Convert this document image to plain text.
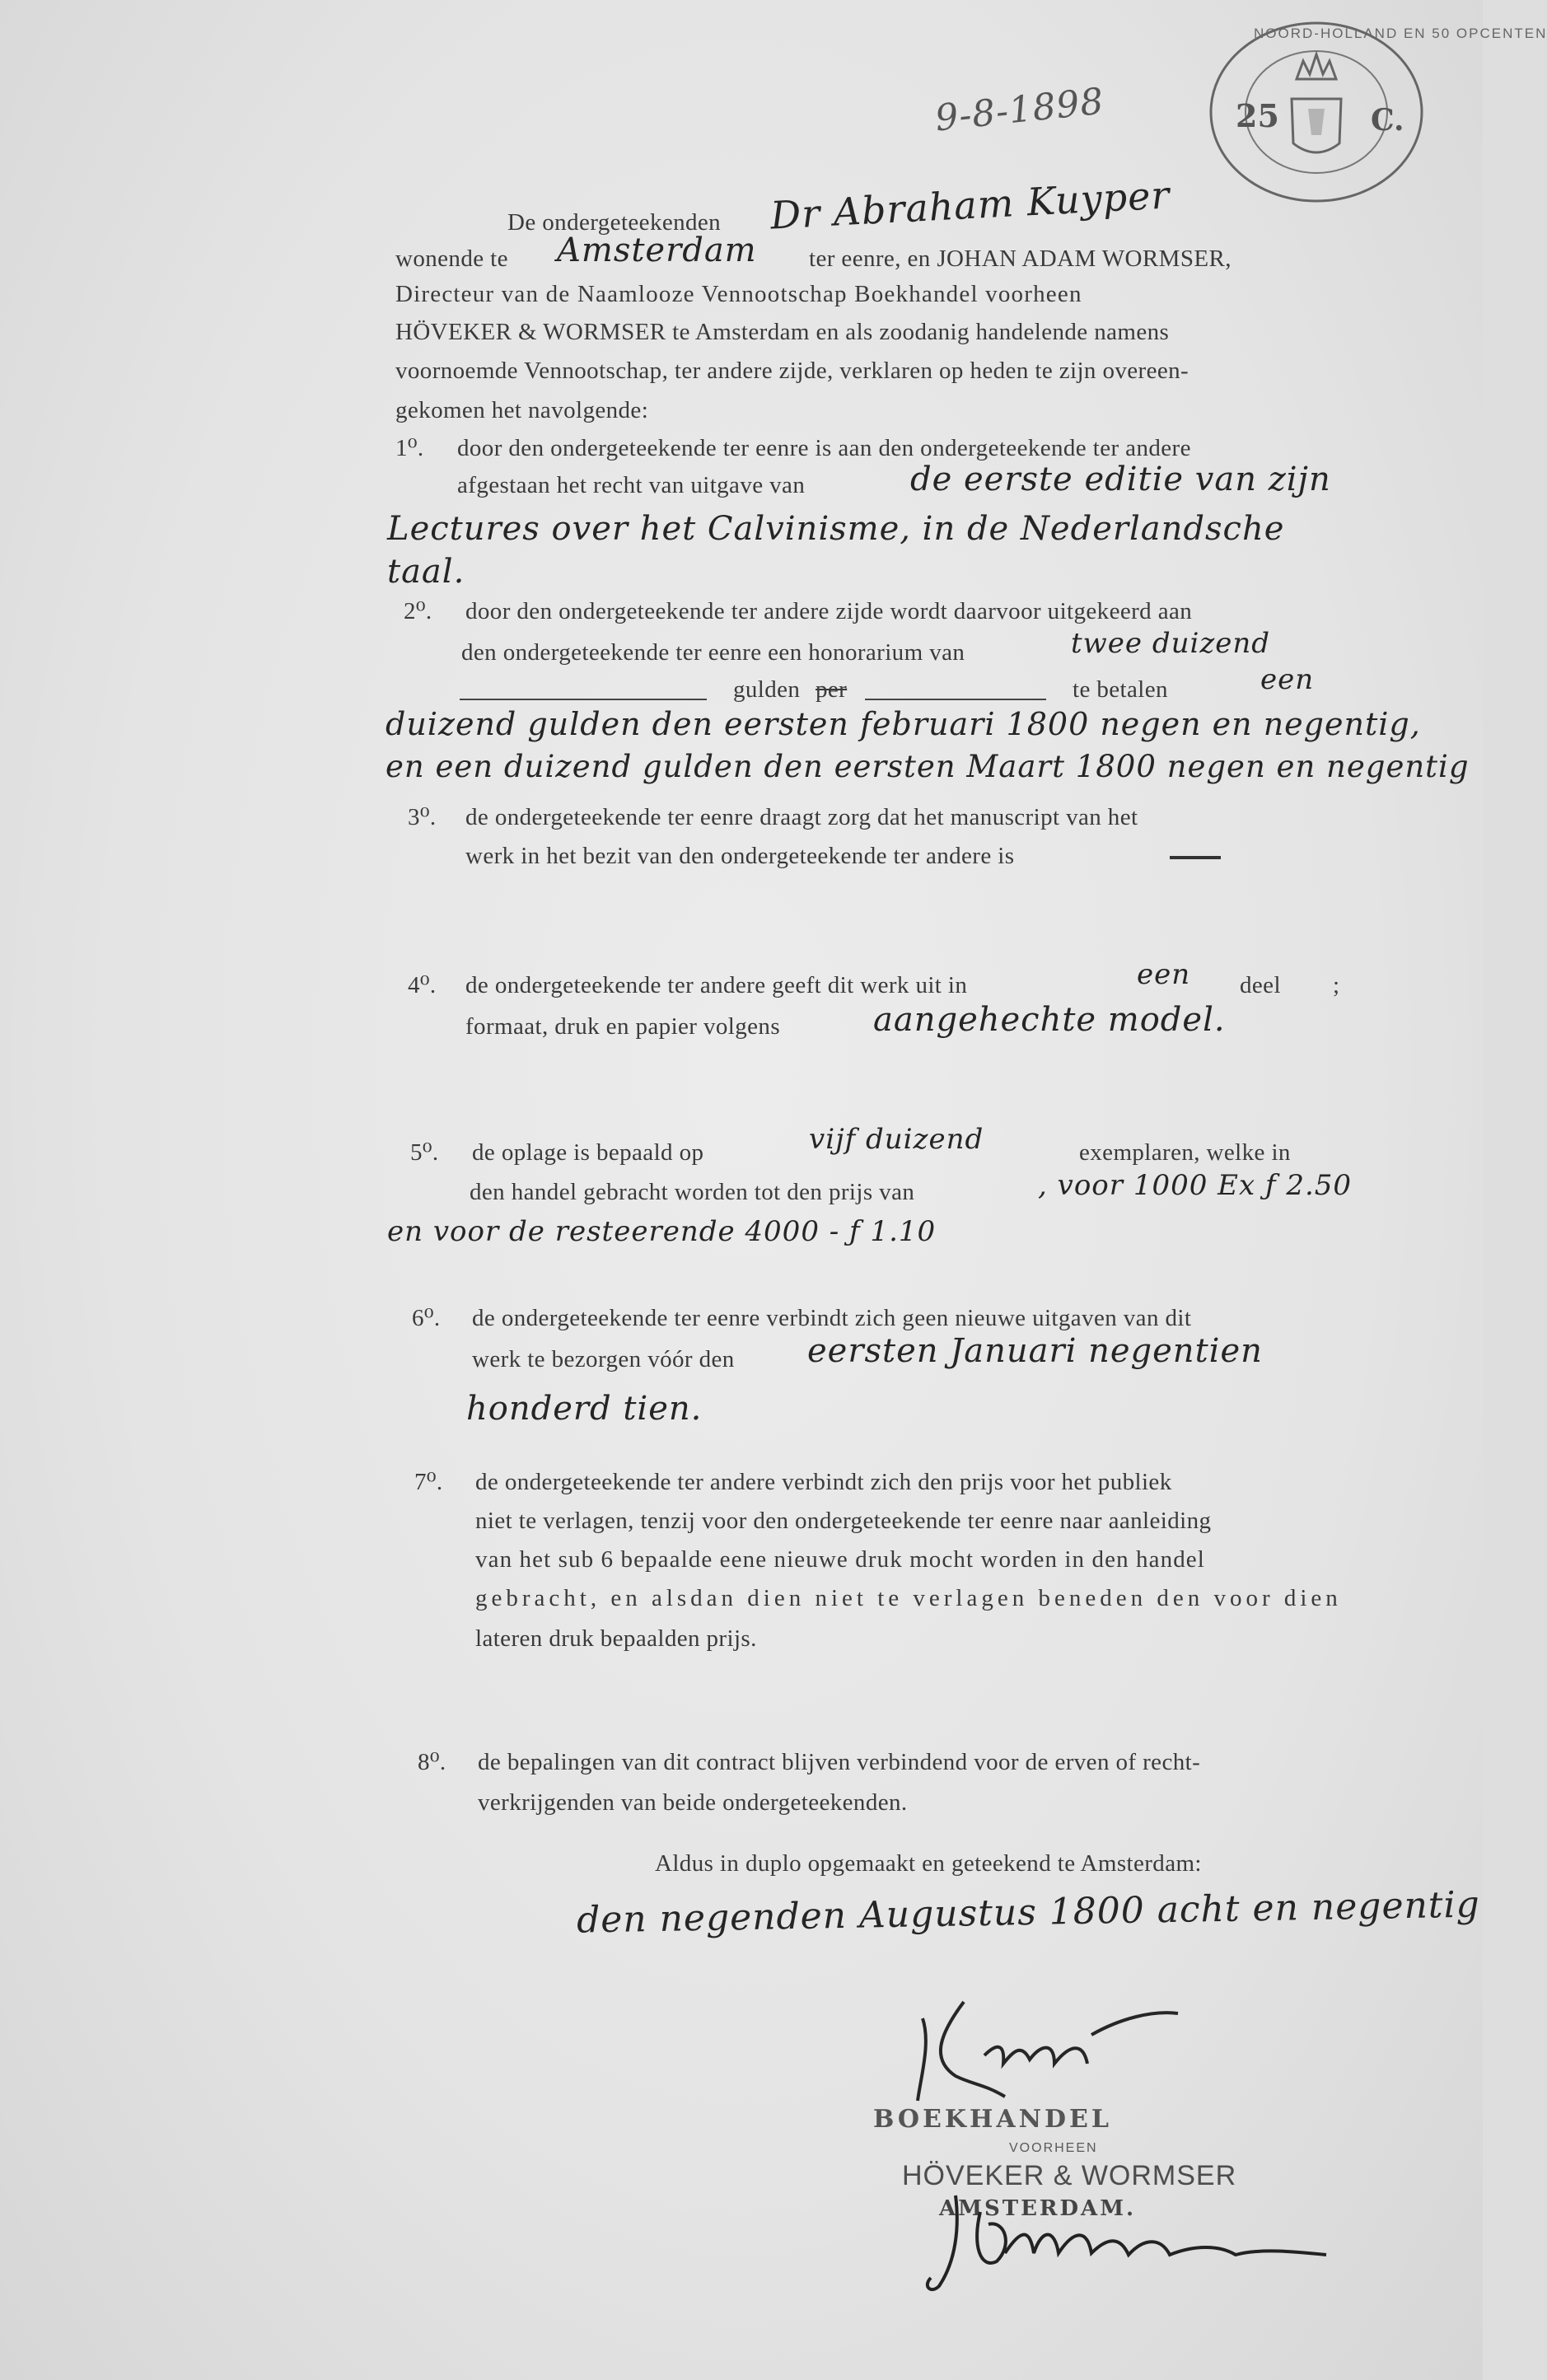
9-8-1898
NOORD-HOLLAND EN 50 OPCENTEN
25	C.
De ondergeteekenden Dr Abraham Kuyper
wonende te Amsterdam ter eenre, en JOHAN ADAM WORMSER,
Directeur van de Naamlooze Vennootschap Boekhandel voorheen
HÖVEKER & WORMSER te Amsterdam en als zoodanig handelende namens
voornoemde Vennootschap, ter andere zijde, verklaren op heden te zijn overeen-
gekomen het navolgende:
1⁰. door den ondergeteekende ter eenre is aan den ondergeteekende ter andere
afgestaan het recht van uitgave van	de eerste editie van zijn
Lectures over het Calvinisme, in de Nederlandsche
taal.
2⁰. door den ondergeteekende ter andere zijde wordt daarvoor uitgekeerd aan
den ondergeteekende ter eenre een honorarium van	twee duizend
gulden per	te betalen	een
duizend gulden den eersten februari 1800 negen en negentig,
en een duizend gulden den eersten Maart 1800 negen en negentig
3⁰. de ondergeteekende ter eenre draagt zorg dat het manuscript van het
werk in het bezit van den ondergeteekende ter andere is
4⁰. de ondergeteekende ter andere geeft dit werk uit in	een deel ;
formaat, druk en papier volgens	aangehechte model.
5⁰. de oplage is bepaald op	vijf duizend	exemplaren, welke in
den handel gebracht worden tot den prijs van	, voor 1000 Ex ƒ 2.50
en voor de resteerende 4000 - ƒ 1.10
6⁰. de ondergeteekende ter eenre verbindt zich geen nieuwe uitgaven van dit
werk te bezorgen vóór den eersten Januari negentien
honderd tien.
7⁰. de ondergeteekende ter andere verbindt zich den prijs voor het publiek
niet te verlagen, tenzij voor den ondergeteekende ter eenre naar aanleiding
van het sub 6 bepaalde eene nieuwe druk mocht worden in den handel
gebracht, en alsdan dien niet te verlagen beneden den voor dien
lateren druk bepaalden prijs.
8⁰. de bepalingen van dit contract blijven verbindend voor de erven of recht-
verkrijgenden van beide ondergeteekenden.
Aldus in duplo opgemaakt en geteekend te Amsterdam:
den negenden Augustus 1800 acht en negentig
BOEKHANDEL
VOORHEEN
HÖVEKER & WORMSER
AMSTERDAM.
